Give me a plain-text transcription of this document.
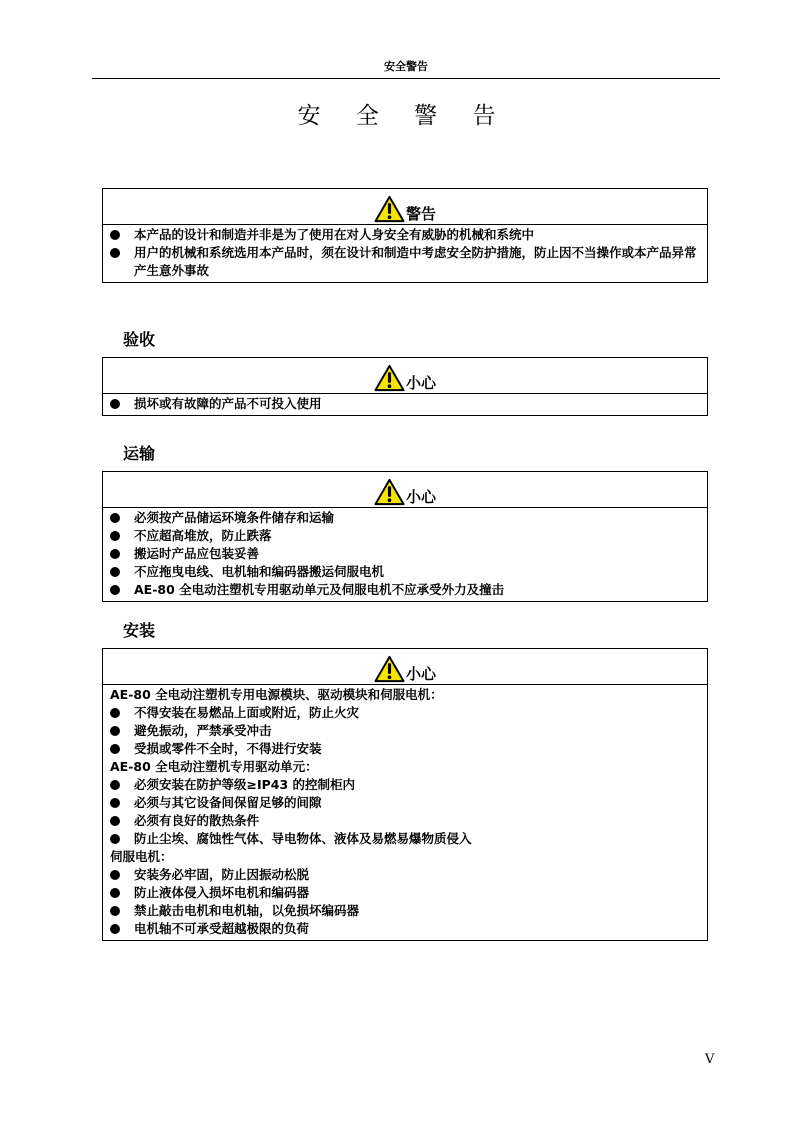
安全警告
安 全 警 告
警告
本产品的设计和制造并非是为了使用在对人身安全有威胁的机械和系统中
用户的机械和系统选用本产品时，须在设计和制造中考虑安全防护措施，防止因不当操作或本产品异常产生意外事故
验收
小心
损坏或有故障的产品不可投入使用
运输
小心
必须按产品储运环境条件储存和运输
不应超高堆放，防止跌落
搬运时产品应包装妥善
不应拖曳电线、电机轴和编码器搬运伺服电机
AE-80 全电动注塑机专用驱动单元及伺服电机不应承受外力及撞击
安装
小心
AE-80 全电动注塑机专用电源模块、驱动模块和伺服电机：
不得安装在易燃品上面或附近，防止火灾
避免振动，严禁承受冲击
受损或零件不全时，不得进行安装
AE-80 全电动注塑机专用驱动单元：
必须安装在防护等级≥IP43 的控制柜内
必须与其它设备间保留足够的间隙
必须有良好的散热条件
防止尘埃、腐蚀性气体、导电物体、液体及易燃易爆物质侵入
伺服电机：
安装务必牢固，防止因振动松脱
防止液体侵入损坏电机和编码器
禁止敲击电机和电机轴，以免损坏编码器
电机轴不可承受超越极限的负荷
V
